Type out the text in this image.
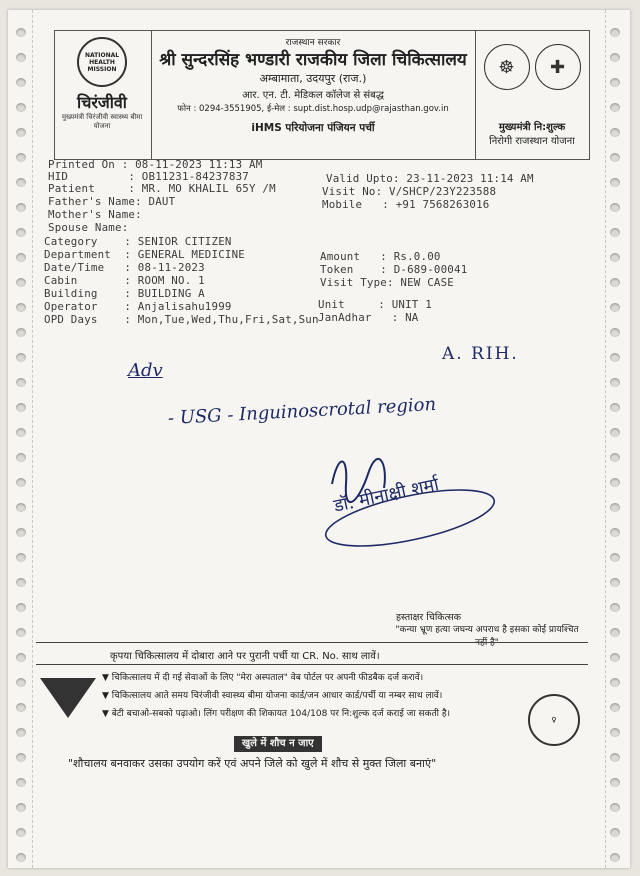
NATIONAL HEALTH MISSION
चिरंजीवी
मुख्यमंत्री चिरंजीवी स्वास्थ्य बीमा योजना
राजस्थान सरकार
श्री सुन्दरसिंह भण्डारी राजकीय जिला चिकित्सालय
अम्बामाता, उदयपुर (राज.)
आर. एन. टी. मेडिकल कॉलेज से संबद्ध
फोन : 0294-3551905, ई-मेल : supt.dist.hosp.udp@rajasthan.gov.in
iHMS परियोजना पंजियन पर्ची
☸	✚
मुख्यमंत्री नि:शुल्क
निरोगी राजस्थान योजना
Printed On : 08-11-2023 11:13 AM
HID         : OB11231-84237837
Patient     : MR. MO KHALIL 65Y /M
Father's Name: DAUT
Mother's Name:
Spouse Name:
Category    : SENIOR CITIZEN
Department  : GENERAL MEDICINE
Date/Time   : 08-11-2023
Cabin       : ROOM NO. 1
Building    : BUILDING A
Operator    : Anjalisahu1999
OPD Days    : Mon,Tue,Wed,Thu,Fri,Sat,Sun
Valid Upto: 23-11-2023 11:14 AM
Visit No: V/SHCP/23Y223588
Mobile   : +91 7568263016
Amount   : Rs.0.00
Token    : D-689-00041
Visit Type: NEW CASE
Unit     : UNIT 1
JanAdhar   : NA
A. RIH.
Adv
- USG - Inguinoscrotal region
डॉ. मीनाक्षी शर्मा
हस्ताक्षर चिकित्सक
"कन्या भ्रूण हत्या जघन्य अपराध है इसका कोई प्रायश्चित नहीं है"
कृपया चिकित्सालय में दोबारा आने पर पुरानी पर्ची या CR. No. साथ लावें।
▼ चिकित्सालय में दी गई सेवाओं के लिए "मेरा अस्पताल" वेब पोर्टल पर अपनी फीडबैक दर्ज करावें।
▼ चिकित्सालय आते समय चिरंजीवी स्वास्थ्य बीमा योजना कार्ड/जन आधार कार्ड/पर्ची या नम्बर साथ लावें।
▼ बेटी बचाओ-सबको पढ़ाओ। लिंग परीक्षण की शिकायत 104/108 पर नि:शुल्क दर्ज कराई जा सकती है।
♀
खुले में शौच न जाए
"शौचालय बनवाकर उसका उपयोग करें एवं अपने जिले को खुले में शौच से मुक्त जिला बनाएं"
